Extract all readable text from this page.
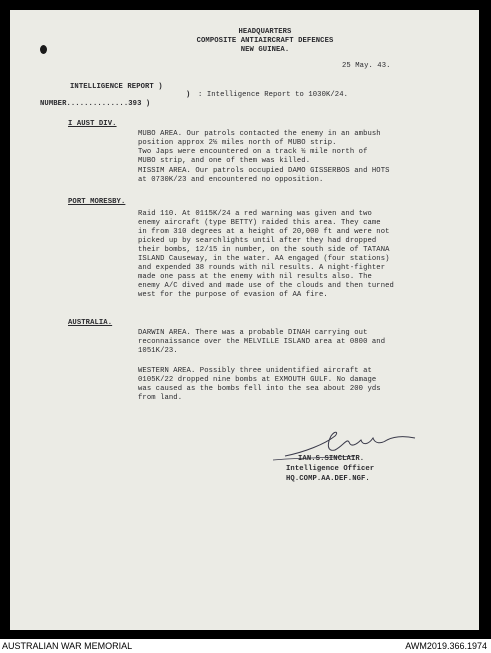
HEADQUARTERS
COMPOSITE ANTIAIRCRAFT DEFENCES
NEW GUINEA.
25 May. 43.
INTELLIGENCE REPORT )
) : Intelligence Report to 1030K/24.
NUMBER..............393 )
I AUST DIV.
MUBO AREA. Our patrols contacted the enemy in an ambush
position approx 2½ miles north of MUBO strip.
Two Japs were encountered on a track ½ mile north of
MUBO strip, and one of them was killed.
MISSIM AREA. Our patrols occupied DAMO GISSERBOS and HOTS
at 0730K/23 and encountered no opposition.
PORT MORESBY.
Raid 110. At 0115K/24 a red warning was given and two
enemy aircraft (type BETTY) raided this area. They came
in from 310 degrees at a height of 20,000 ft and were not
picked up by searchlights until after they had dropped
their bombs, 12/15 in number, on the south side of TATANA
ISLAND Causeway, in the water. AA engaged (four stations)
and expended 38 rounds with nil results. A night-fighter
made one pass at the enemy with nil results also. The
enemy A/C dived and made use of the clouds and then turned
west for the purpose of evasion of AA fire.
AUSTRALIA.
DARWIN AREA. There was a probable DINAH carrying out
reconnaissance over the MELVILLE ISLAND area at 0800 and
1051K/23.
WESTERN AREA. Possibly three unidentified aircraft at
0105K/22 dropped nine bombs at EXMOUTH GULF. No damage
was caused as the bombs fell into the sea about 200 yds
from land.
IAN.S.SINCLAIR.
Intelligence Officer
HQ.COMP.AA.DEF.NGF.
AUSTRALIAN WAR MEMORIAL	AWM2019.366.1974
